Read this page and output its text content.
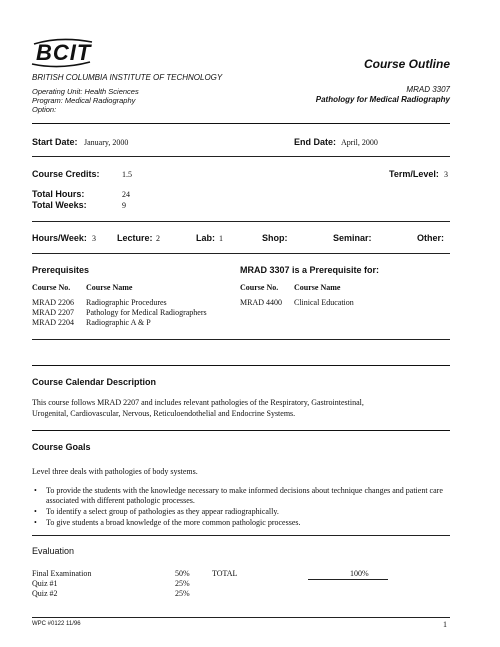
BCIT
BRITISH COLUMBIA INSTITUTE OF TECHNOLOGY
Operating Unit: Health Sciences
Program: Medical Radiography
Option:
Course Outline
MRAD 3307
Pathology for Medical Radiography
Start Date: January, 2000	End Date: April, 2000
Course Credits:	1.5	Term/Level: 3
Total Hours:	24
Total Weeks:	9
Hours/Week: 3 Lecture: 2	Lab: 1	Shop:	Seminar:	Other:
Prerequisites
Course No. Course Name
MRAD 2206 Radiographic Procedures
MRAD 2207 Pathology for Medical Radiographers
MRAD 2204 Radiographic A & P
MRAD 3307 is a Prerequisite for:
Course No. Course Name
MRAD 4400 Clinical Education
Course Calendar Description
This course follows MRAD 2207 and includes relevant pathologies of the Respiratory, Gastrointestinal,
Urogenital, Cardiovascular, Nervous, Reticuloendothelial and Endocrine Systems.
Course Goals
Level three deals with pathologies of body systems.
• To provide the students with the knowledge necessary to make informed decisions about technique changes and patient care associated with different pathologic processes.
• To identify a select group of pathologies as they appear radiographically.
• To give students a broad knowledge of the more common pathologic processes.
Evaluation
Final Examination	50%
Quiz #1	25%
Quiz #2	25%
TOTAL	100%
WPC #0122 11/96	1
